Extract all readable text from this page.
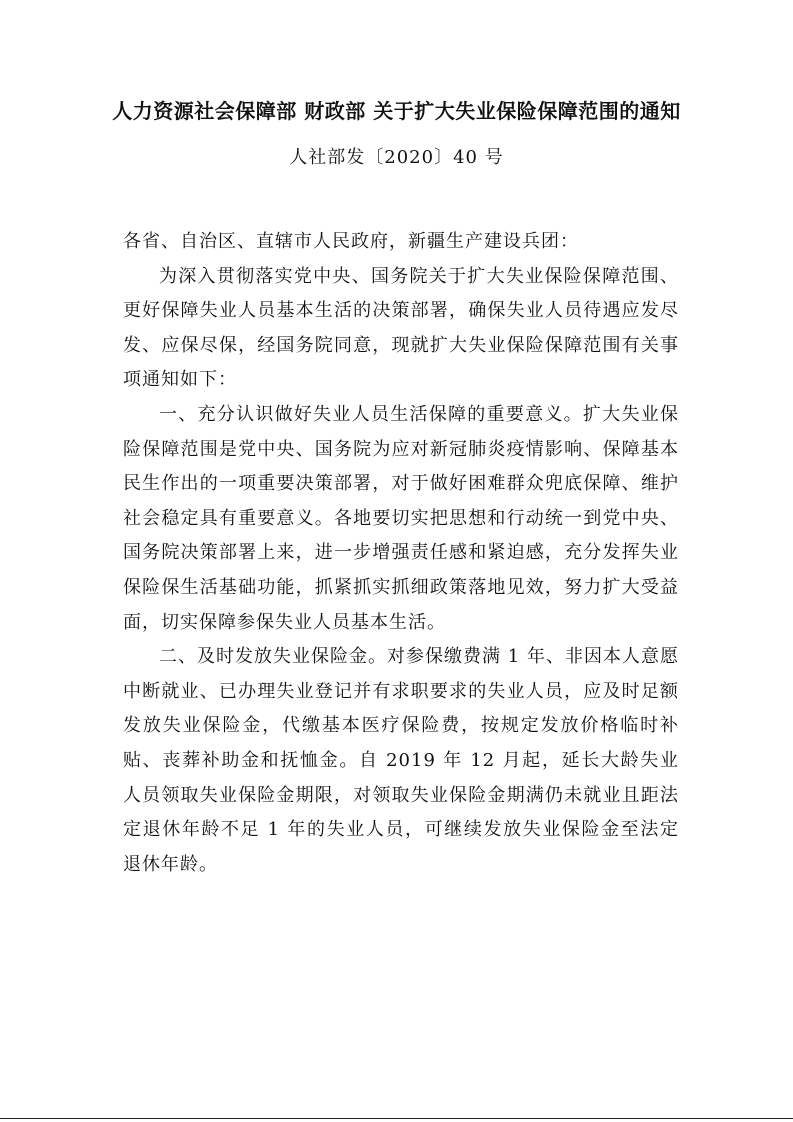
人力资源社会保障部 财政部 关于扩大失业保险保障范围的通知
人社部发〔2020〕40 号

各省、自治区、直辖市人民政府，新疆生产建设兵团：

为深入贯彻落实党中央、国务院关于扩大失业保险保障范围、更好保障失业人员基本生活的决策部署，确保失业人员待遇应发尽发、应保尽保，经国务院同意，现就扩大失业保险保障范围有关事项通知如下：

一、充分认识做好失业人员生活保障的重要意义。扩大失业保险保障范围是党中央、国务院为应对新冠肺炎疫情影响、保障基本民生作出的一项重要决策部署，对于做好困难群众兜底保障、维护社会稳定具有重要意义。各地要切实把思想和行动统一到党中央、国务院决策部署上来，进一步增强责任感和紧迫感，充分发挥失业保险保生活基础功能，抓紧抓实抓细政策落地见效，努力扩大受益面，切实保障参保失业人员基本生活。

二、及时发放失业保险金。对参保缴费满 1 年、非因本人意愿中断就业、已办理失业登记并有求职要求的失业人员，应及时足额发放失业保险金，代缴基本医疗保险费，按规定发放价格临时补贴、丧葬补助金和抚恤金。自 2019 年 12 月起，延长大龄失业人员领取失业保险金期限，对领取失业保险金期满仍未就业且距法定退休年龄不足 1 年的失业人员，可继续发放失业保险金至法定退休年龄。
